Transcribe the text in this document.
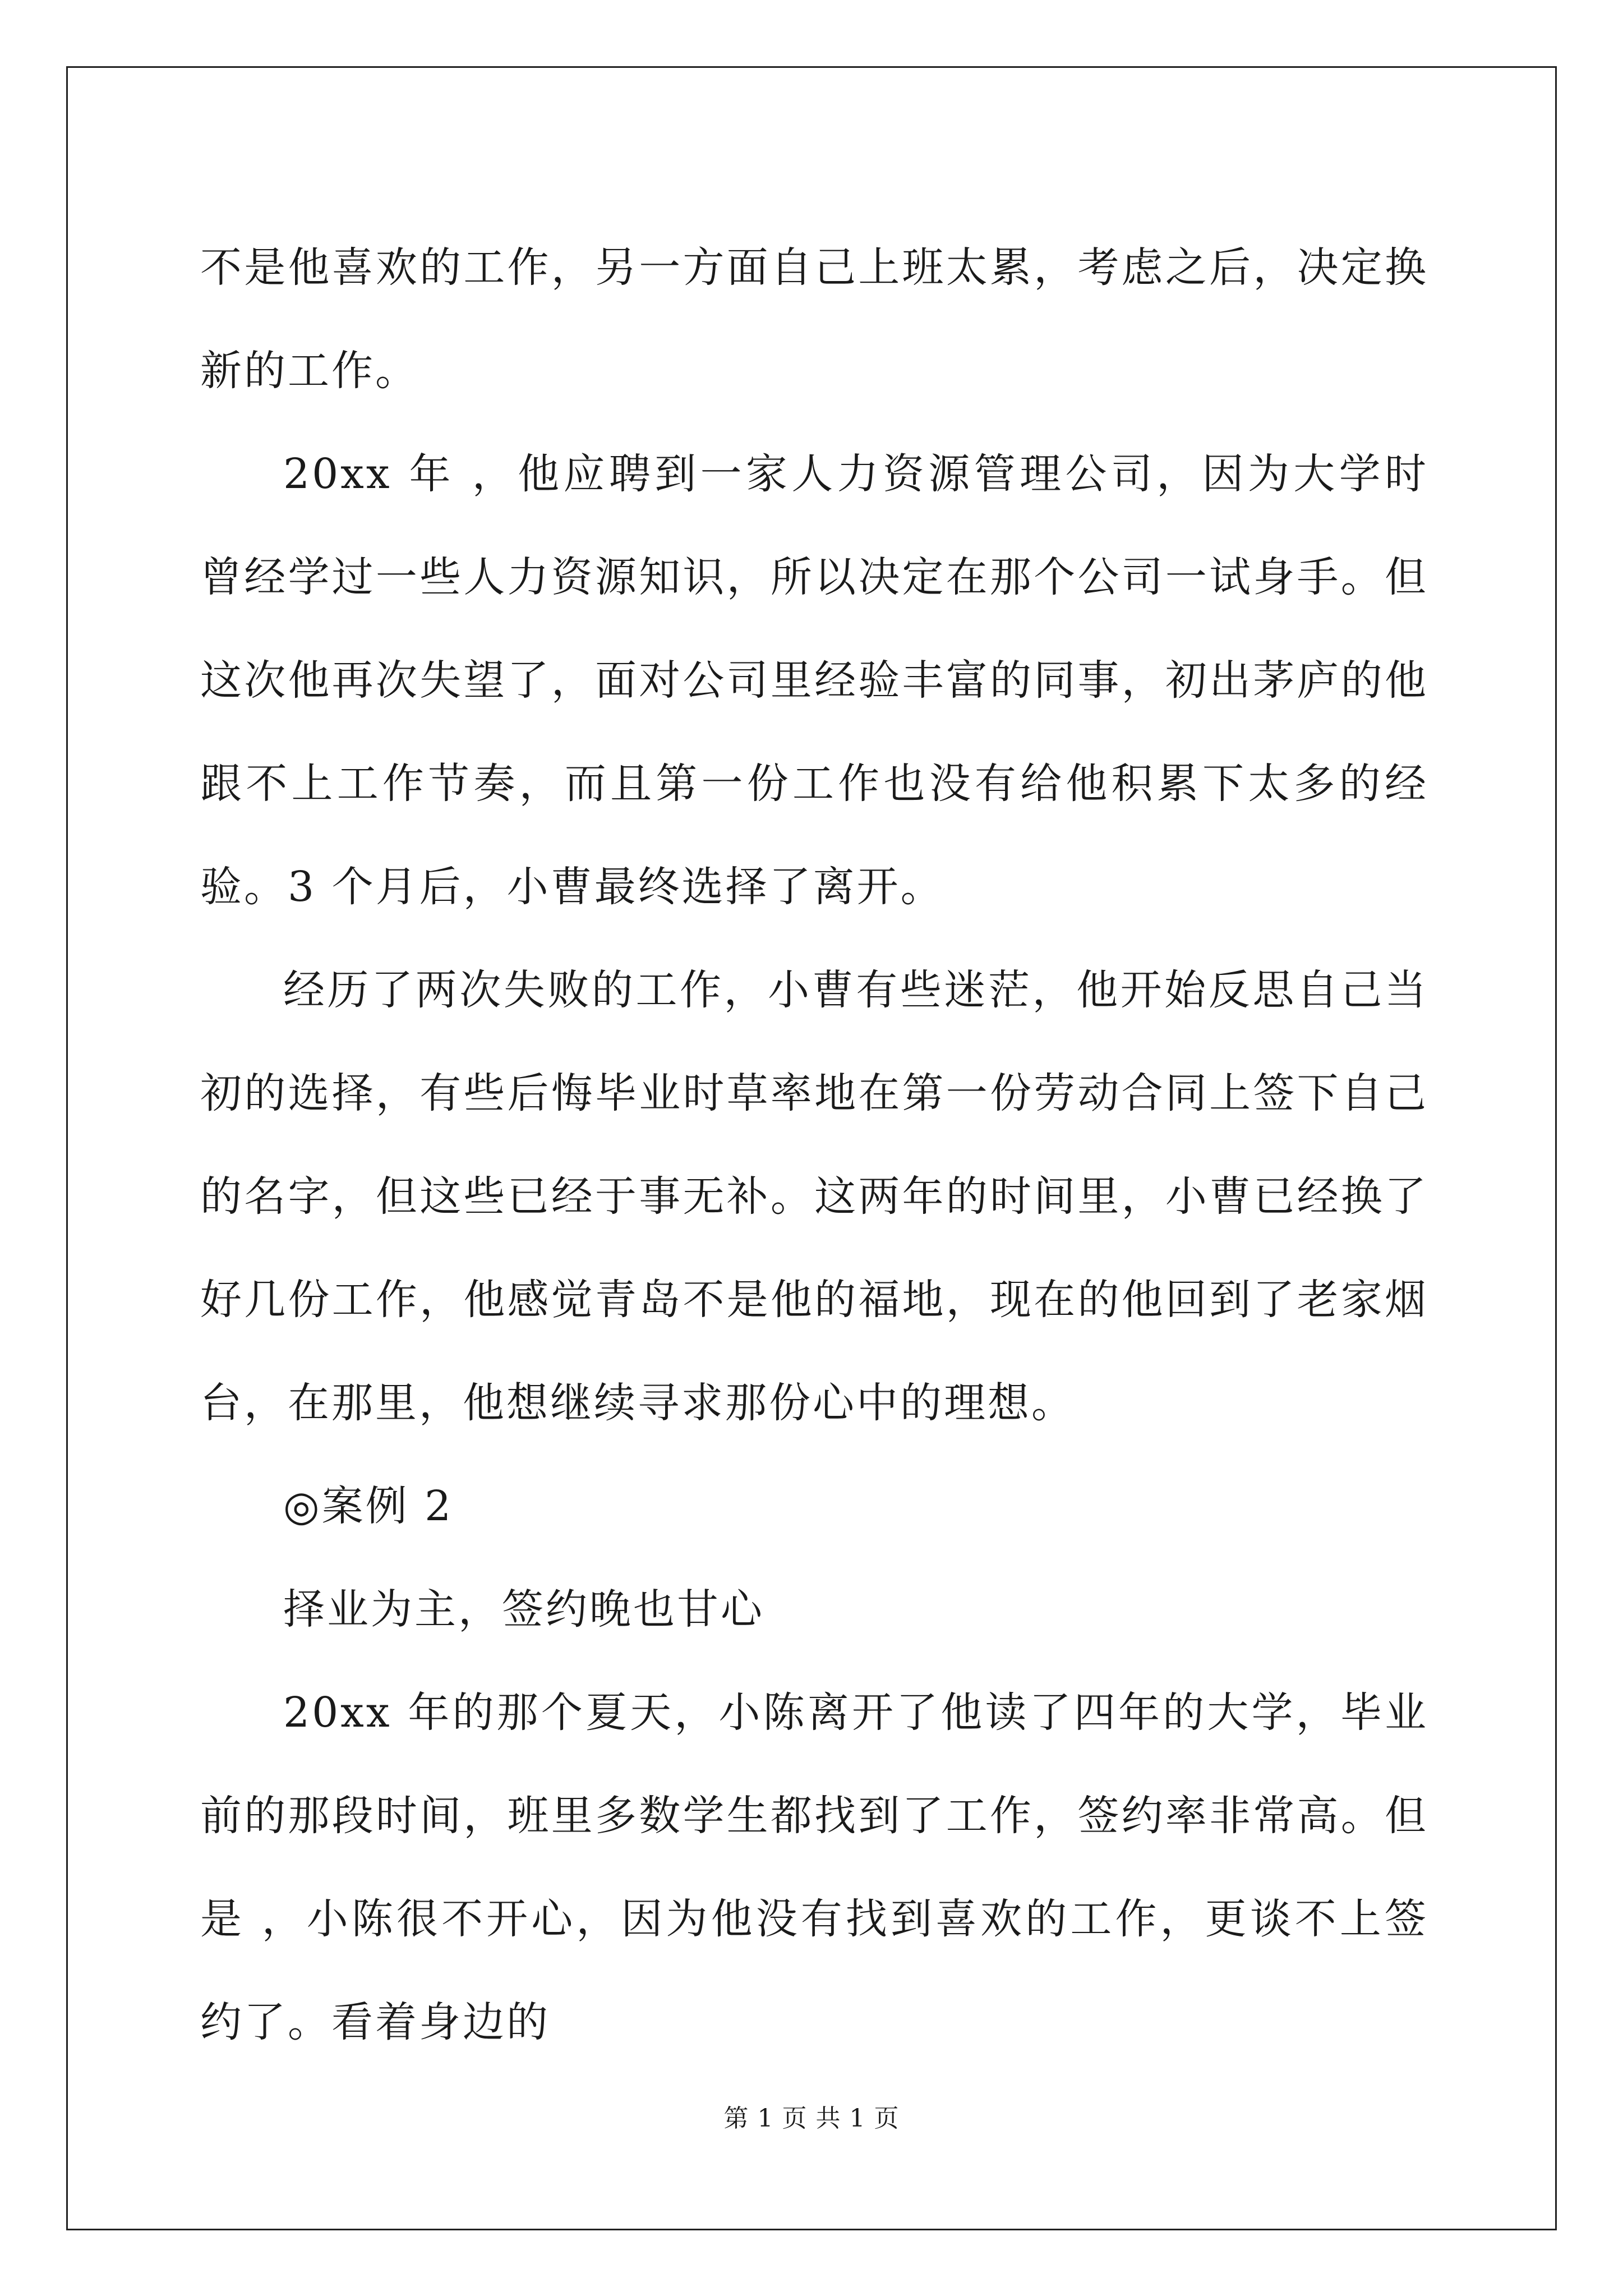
不是他喜欢的工作，另一方面自己上班太累，考虑之后，决定换新的工作。

20xx 年 ，他应聘到一家人力资源管理公司，因为大学时曾经学过一些人力资源知识，所以决定在那个公司一试身手。但这次他再次失望了，面对公司里经验丰富的同事，初出茅庐的他跟不上工作节奏，而且第一份工作也没有给他积累下太多的经验。3 个月后，小曹最终选择了离开。

经历了两次失败的工作，小曹有些迷茫，他开始反思自己当初的选择，有些后悔毕业时草率地在第一份劳动合同上签下自己的名字，但这些已经于事无补。这两年的时间里，小曹已经换了好几份工作，他感觉青岛不是他的福地，现在的他回到了老家烟台，在那里，他想继续寻求那份心中的理想。

◎案例 2

择业为主，签约晚也甘心

20xx 年的那个夏天，小陈离开了他读了四年的大学，毕业前的那段时间，班里多数学生都找到了工作，签约率非常高。但是 ，小陈很不开心，因为他没有找到喜欢的工作，更谈不上签约了。看着身边的

第 1 页 共 1 页
